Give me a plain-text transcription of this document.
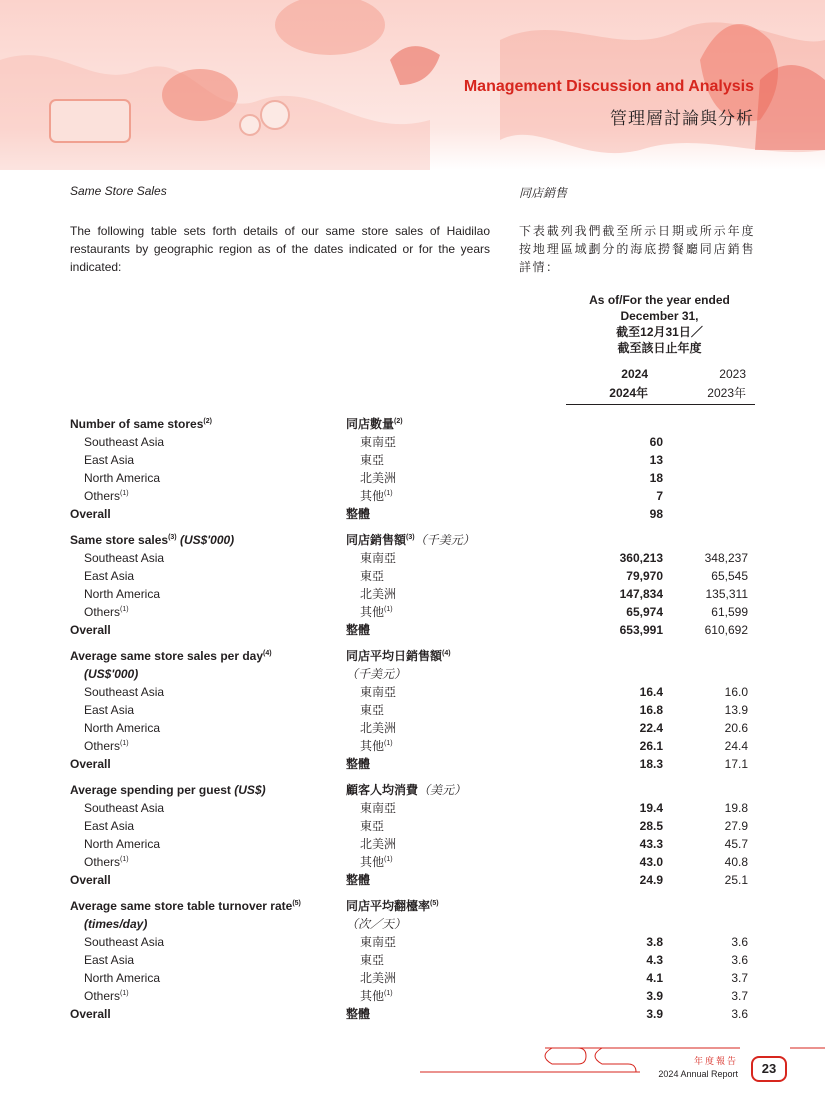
Management Discussion and Analysis
管理層討論與分析
Same Store Sales	同店銷售
The following table sets forth details of our same store sales of Haidilao restaurants by geographic region as of the dates indicated or for the years indicated:
下表載列我們截至所示日期或所示年度按地理區域劃分的海底撈餐廳同店銷售詳情：
As of/For the year ended
December 31,
截至12月31日／
截至該日止年度
2024
2024年
2023
2023年
Number of same stores$^{(2)}$	同店數量$^{(2)}$
Southeast Asia	東南亞	60
East Asia	東亞	13
North America	北美洲	18
Others$^{(1)}$	其他$^{(1)}$	7
Overall	整體	98
Same store sales$^{(3)}$ (US$'000)	同店銷售額$^{(3)}$（千美元）
Southeast Asia	東南亞	360,213	348,237
East Asia	東亞	79,970	65,545
North America	北美洲	147,834	135,311
Others$^{(1)}$	其他$^{(1)}$	65,974	61,599
Overall	整體	653,991	610,692
Average same store sales per day$^{(4)}$	同店平均日銷售額$^{(4)}$
(US$'000)	（千美元）
Southeast Asia	東南亞	16.4	16.0
East Asia	東亞	16.8	13.9
North America	北美洲	22.4	20.6
Others$^{(1)}$	其他$^{(1)}$	26.1	24.4
Overall	整體	18.3	17.1
Average spending per guest (US$)	顧客人均消費（美元）
Southeast Asia	東南亞	19.4	19.8
East Asia	東亞	28.5	27.9
North America	北美洲	43.3	45.7
Others$^{(1)}$	其他$^{(1)}$	43.0	40.8
Overall	整體	24.9	25.1
Average same store table turnover rate$^{(5)}$	同店平均翻檯率$^{(5)}$
(times/day)	（次／天）
Southeast Asia	東南亞	3.8	3.6
East Asia	東亞	4.3	3.6
North America	北美洲	4.1	3.7
Others$^{(1)}$	其他$^{(1)}$	3.9	3.7
Overall	整體	3.9	3.6
年度報告
2024 Annual Report	23
